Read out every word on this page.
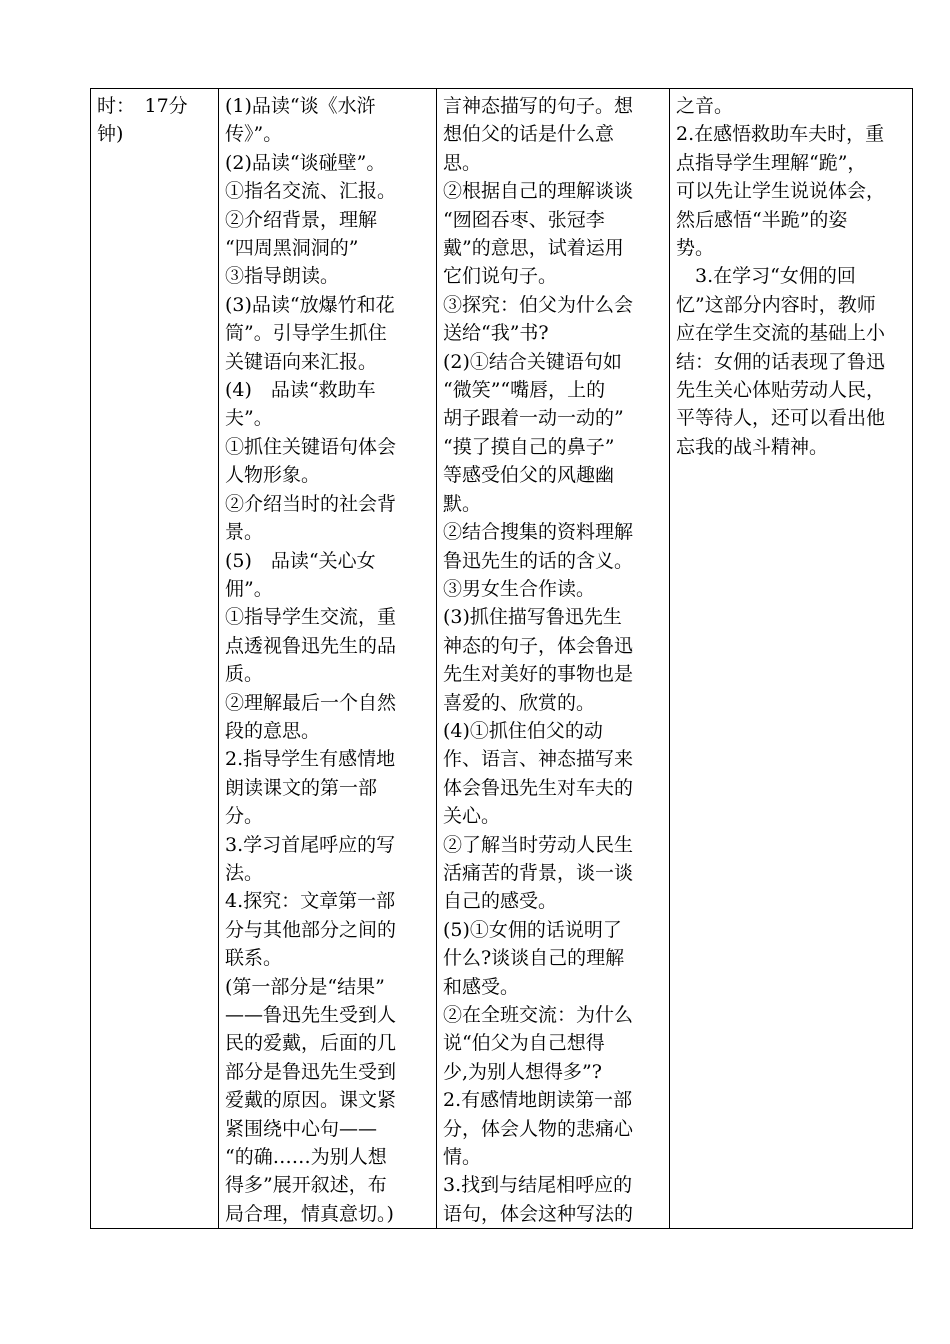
时：　17分
钟)

(1)品读“谈《水浒
传》”。
(2)品读“谈碰壁”。
①指名交流、汇报。
②介绍背景，理解
“四周黑洞洞的”
③指导朗读。
(3)品读“放爆竹和花
筒”。引导学生抓住
关键语向来汇报。
(4)　品读“救助车
夫”。
①抓住关键语句体会
人物形象。
②介绍当时的社会背
景。
(5)　品读“关心女
佣”。
①指导学生交流，重
点透视鲁迅先生的品
质。
②理解最后一个自然
段的意思。
2.指导学生有感情地
朗读课文的第一部
分。
3.学习首尾呼应的写
法。
4.探究：文章第一部
分与其他部分之间的
联系。
(第一部分是“结果”
——鲁迅先生受到人
民的爱戴，后面的几
部分是鲁迅先生受到
爱戴的原因。课文紧
紧围绕中心句——
“的确……为别人想
得多”展开叙述，布
局合理，情真意切。)

言神态描写的句子。想
想伯父的话是什么意
思。
②根据自己的理解谈谈
“囫囵吞枣、张冠李
戴”的意思，试着运用
它们说句子。
③探究：伯父为什么会
送给“我”书?
(2)①结合关键语句如
“微笑”“嘴唇，上的
胡子跟着一动一动的”
“摸了摸自己的鼻子”
等感受伯父的风趣幽
默。
②结合搜集的资料理解
鲁迅先生的话的含义。
③男女生合作读。
(3)抓住描写鲁迅先生
神态的句子，体会鲁迅
先生对美好的事物也是
喜爱的、欣赏的。
(4)①抓住伯父的动
作、语言、神态描写来
体会鲁迅先生对车夫的
关心。
②了解当时劳动人民生
活痛苦的背景，谈一谈
自己的感受。
(5)①女佣的话说明了
什么?谈谈自己的理解
和感受。
②在全班交流：为什么
说“伯父为自己想得
少,为别人想得多”?
2.有感情地朗读第一部
分，体会人物的悲痛心
情。
3.找到与结尾相呼应的
语句，体会这种写法的

之音。
2.在感悟救助车夫时，重
点指导学生理解“跪”，
可以先让学生说说体会，
然后感悟“半跪”的姿
势。
　3.在学习“女佣的回
忆”这部分内容时，教师
应在学生交流的基础上小
结：女佣的话表现了鲁迅
先生关心体贴劳动人民，
平等待人，还可以看出他
忘我的战斗精神。
